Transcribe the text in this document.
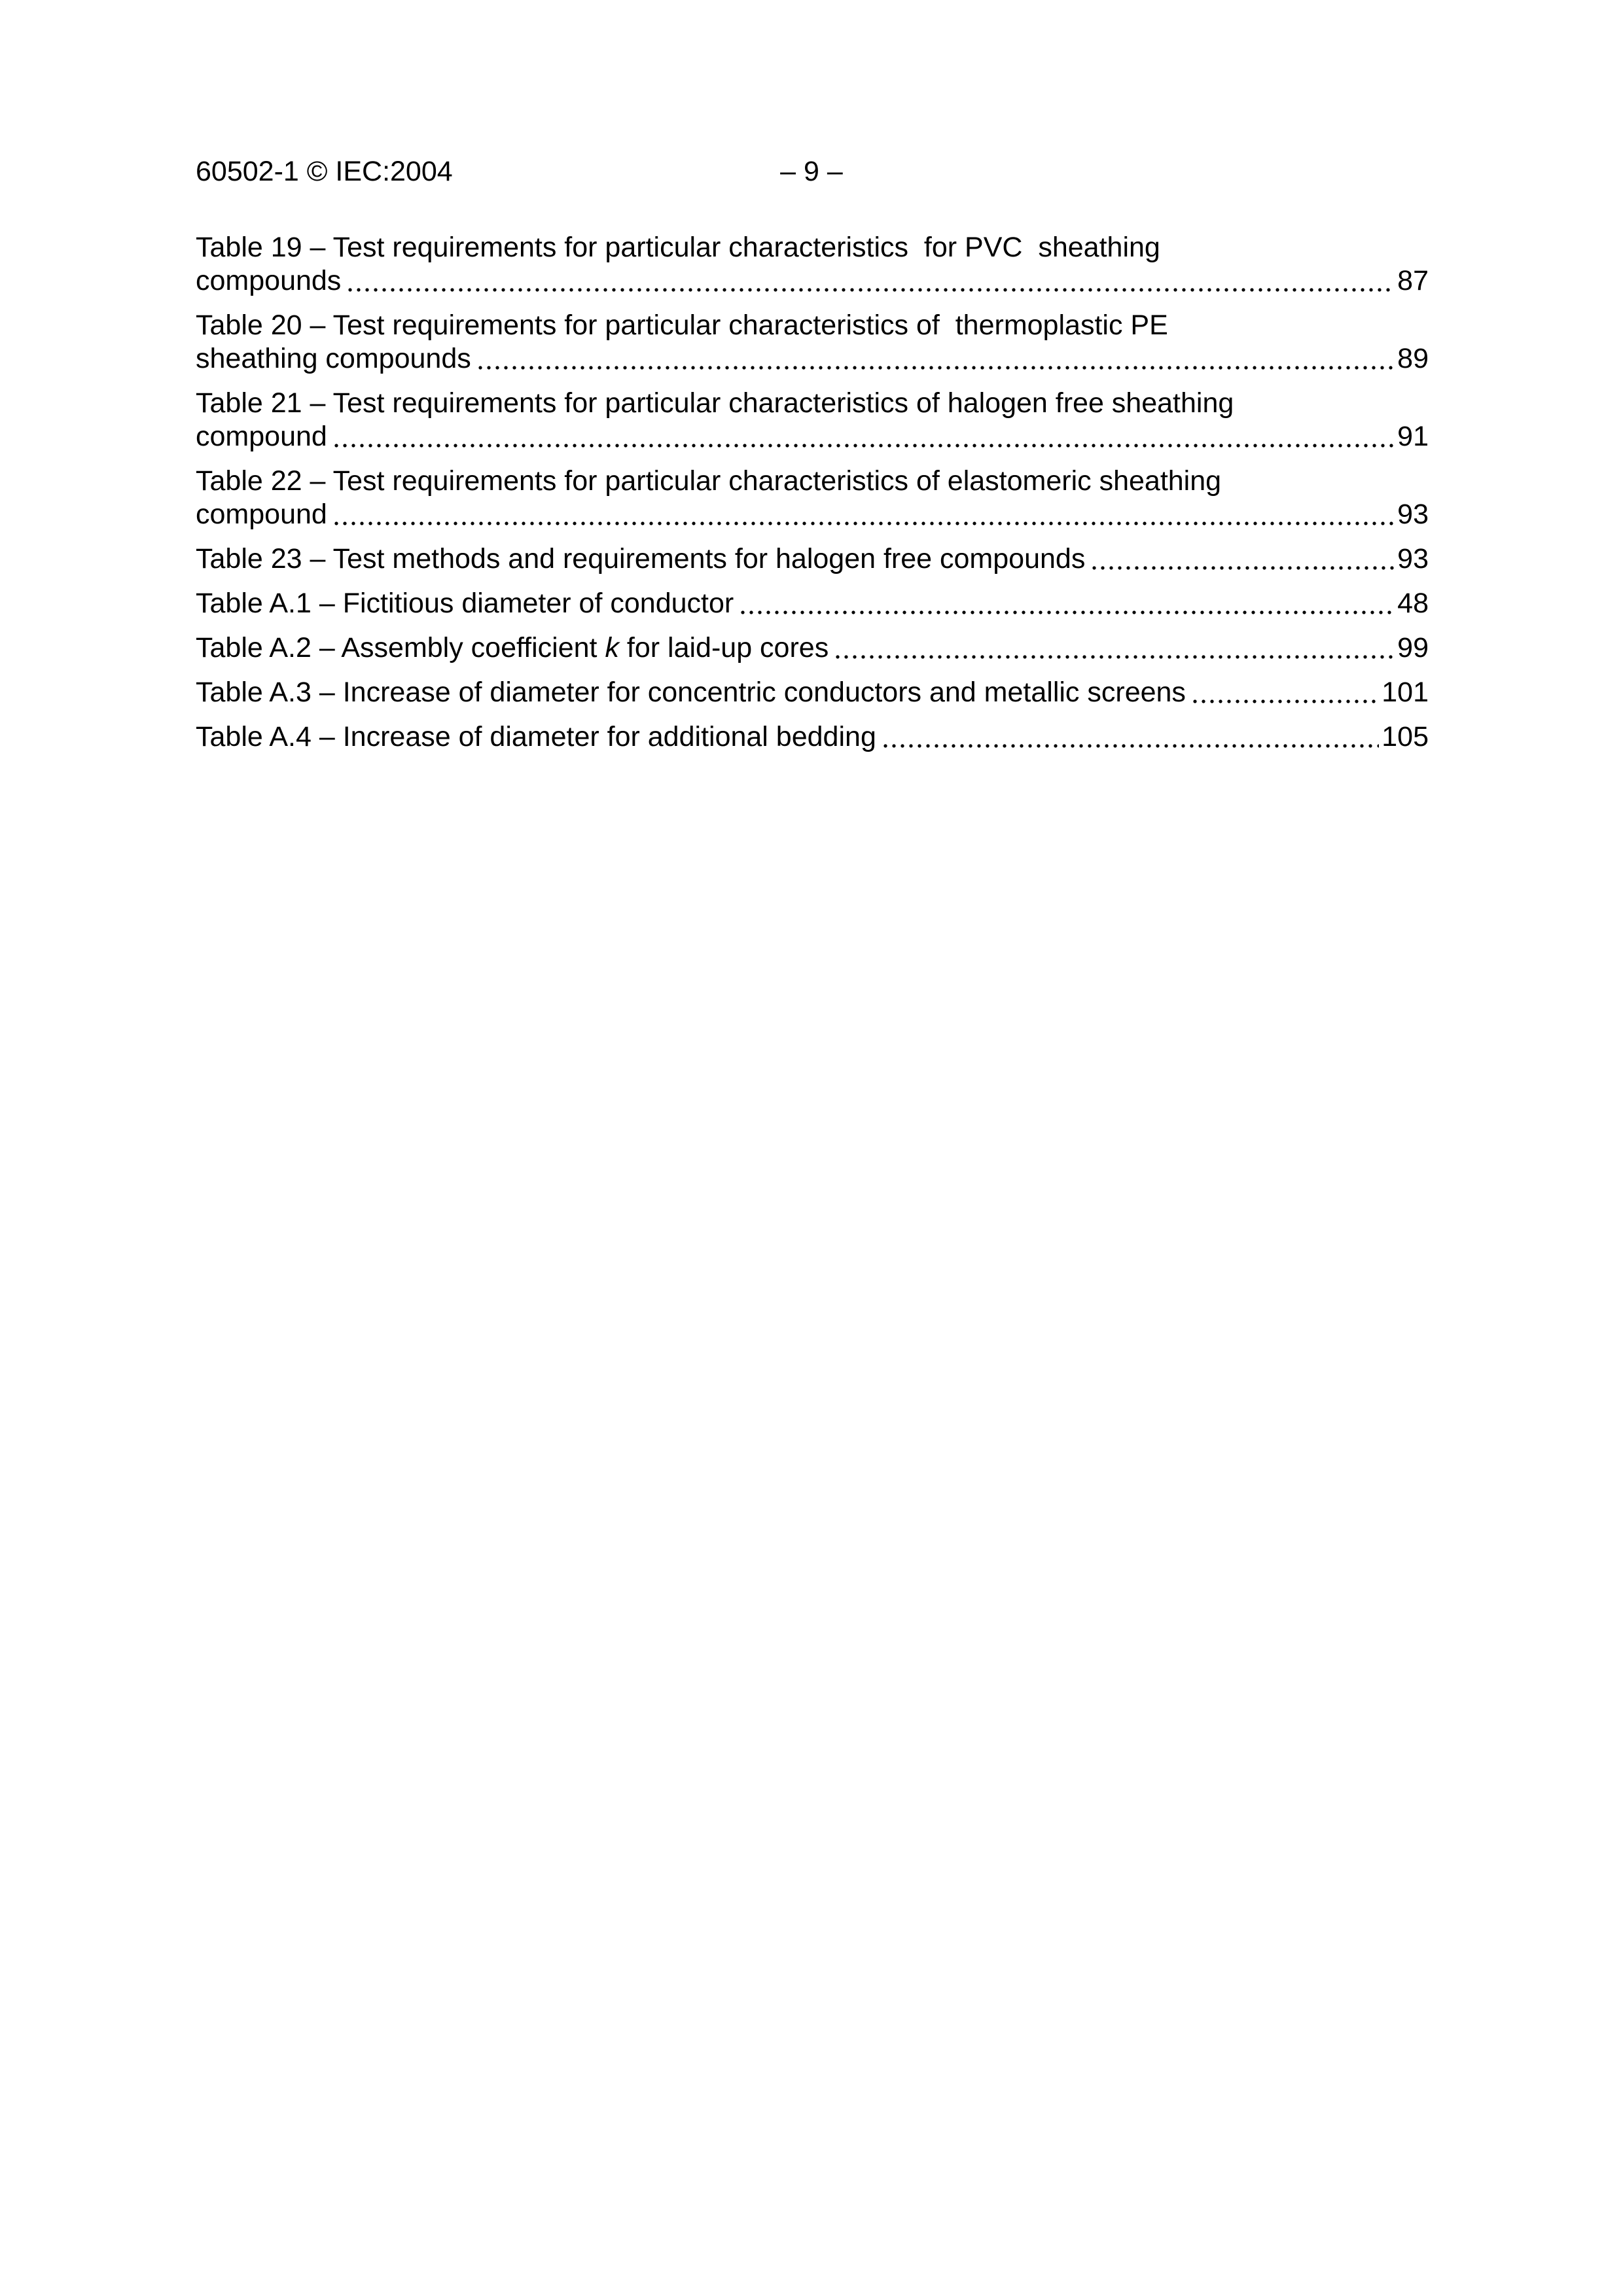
60502-1 © IEC:2004	– 9 –
Table 19 – Test requirements for particular characteristics  for PVC  sheathing
compounds	87
Table 20 – Test requirements for particular characteristics of  thermoplastic PE
sheathing compounds	89
Table 21 – Test requirements for particular characteristics of halogen free sheathing
compound	91
Table 22 – Test requirements for particular characteristics of elastomeric sheathing
compound	93
Table 23 – Test methods and requirements for halogen free compounds	93
Table A.1 – Fictitious diameter of conductor	48
Table A.2 – Assembly coefficient k for laid-up cores	99
Table A.3 – Increase of diameter for concentric conductors and metallic screens	101
Table A.4 – Increase of diameter for additional bedding	105
